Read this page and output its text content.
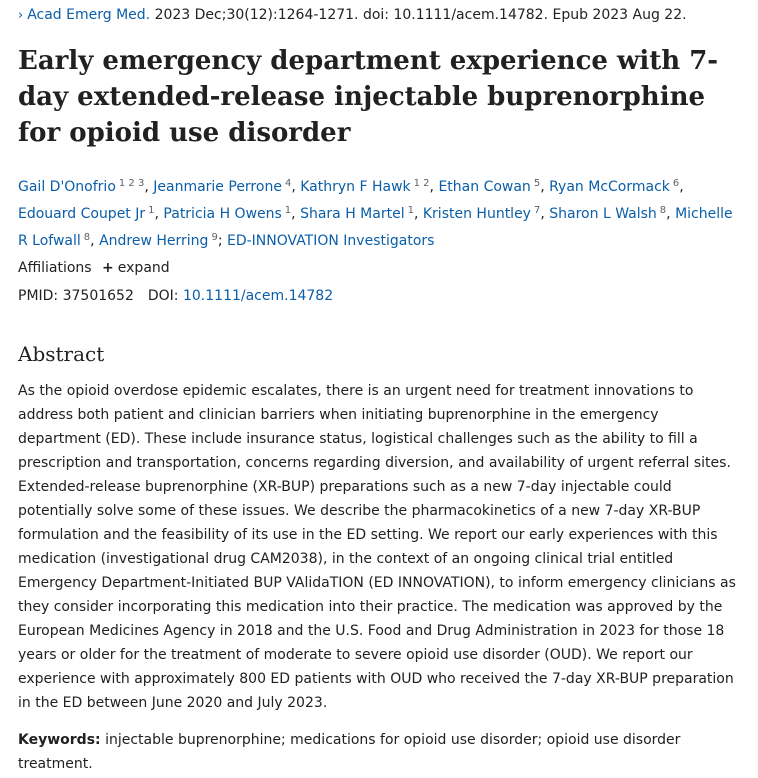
› Acad Emerg Med. 2023 Dec;30(12):1264-1271. doi: 10.1111/acem.14782. Epub 2023 Aug 22.
Early emergency department experience with 7-day extended-release injectable buprenorphine for opioid use disorder
Gail D'Onofrio $^{1 2 3}$, Jeanmarie Perrone $^4$, Kathryn F Hawk $^{1 2}$, Ethan Cowan $^5$, Ryan McCormack $^6$, Edouard Coupet Jr $^1$, Patricia H Owens $^1$, Shara H Martel $^1$, Kristen Huntley $^7$, Sharon L Walsh $^8$, Michelle R Lofwall $^8$, Andrew Herring $^9$; ED-INNOVATION Investigators
Affiliations + expand
PMID: 37501652 DOI: 10.1111/acem.14782
Abstract

As the opioid overdose epidemic escalates, there is an urgent need for treatment innovations to address both patient and clinician barriers when initiating buprenorphine in the emergency department (ED). These include insurance status, logistical challenges such as the ability to fill a prescription and transportation, concerns regarding diversion, and availability of urgent referral sites. Extended-release buprenorphine (XR-BUP) preparations such as a new 7-day injectable could potentially solve some of these issues. We describe the pharmacokinetics of a new 7-day XR-BUP formulation and the feasibility of its use in the ED setting. We report our early experiences with this medication (investigational drug CAM2038), in the context of an ongoing clinical trial entitled Emergency Department-Initiated BUP VAlidaTION (ED INNOVATION), to inform emergency clinicians as they consider incorporating this medication into their practice. The medication was approved by the European Medicines Agency in 2018 and the U.S. Food and Drug Administration in 2023 for those 18 years or older for the treatment of moderate to severe opioid use disorder (OUD). We report our experience with approximately 800 ED patients with OUD who received the 7-day XR-BUP preparation in the ED between June 2020 and July 2023.

Keywords: injectable buprenorphine; medications for opioid use disorder; opioid use disorder treatment.
